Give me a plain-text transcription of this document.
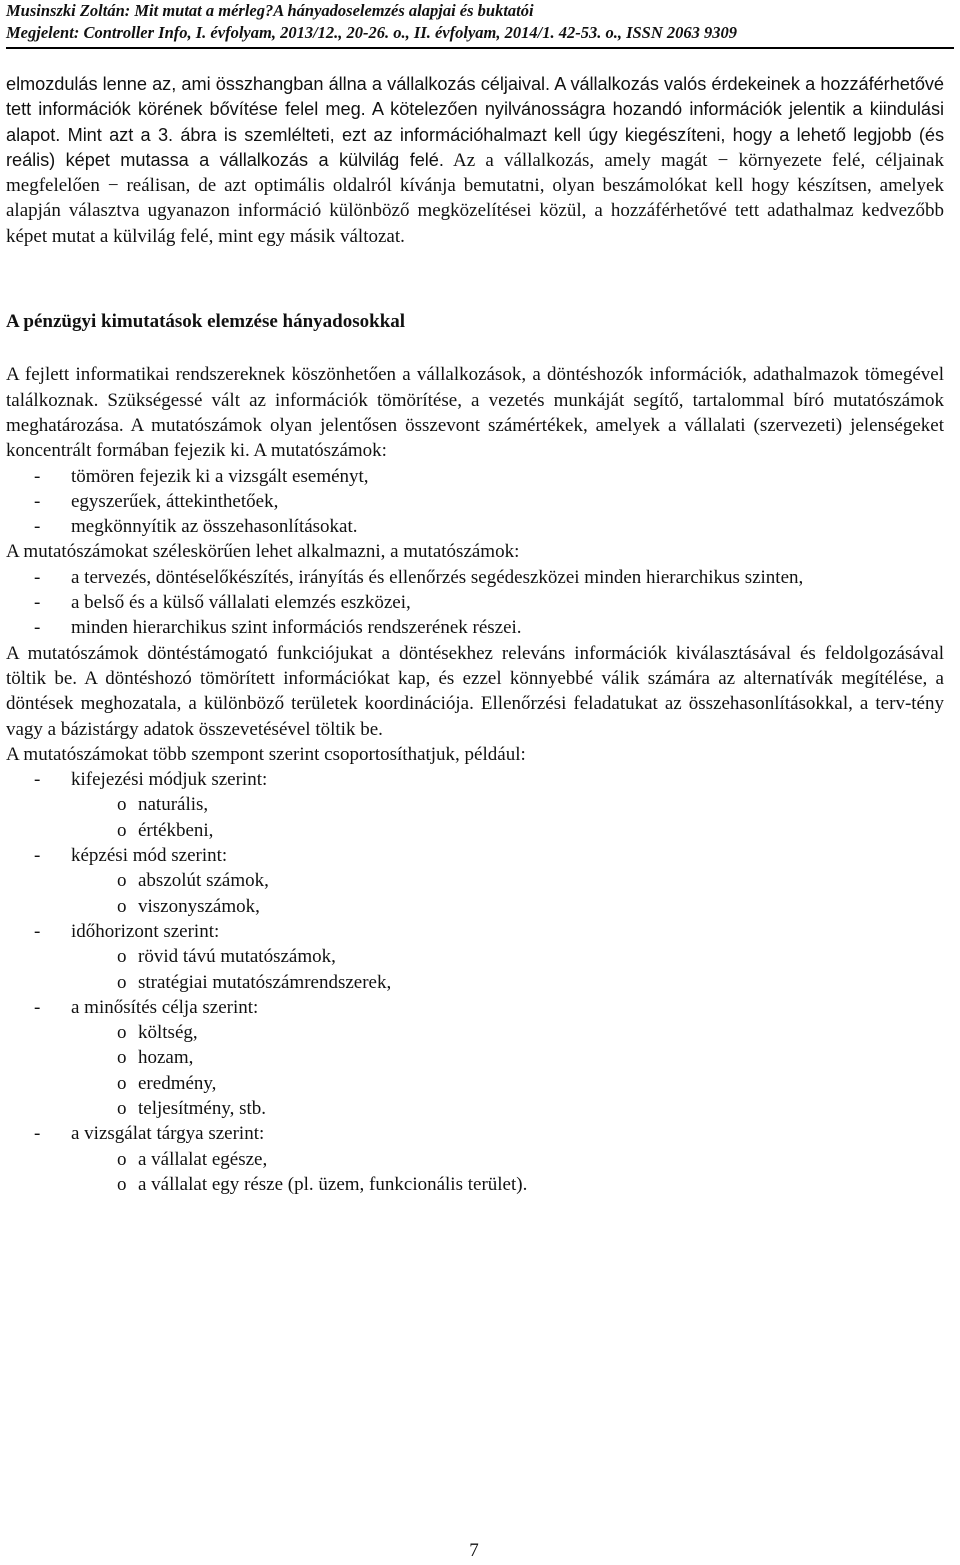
Musinszki Zoltán: Mit mutat a mérleg?A hányadoselemzés alapjai és buktatói
Megjelent: Controller Info, I. évfolyam, 2013/12., 20-26. o., II. évfolyam, 2014/1. 42-53. o., ISSN 2063 9309

elmozdulás lenne az, ami összhangban állna a vállalkozás céljaival. A vállalkozás valós érdekeinek a hozzáférhetővé tett információk körének bővítése felel meg. A kötelezően nyilvánosságra hozandó információk jelentik a kiindulási alapot. Mint azt a 3. ábra is szemlélteti, ezt az információhalmazt kell úgy kiegészíteni, hogy a lehető legjobb (és reális) képet mutassa a vállalkozás a külvilág felé. Az a vállalkozás, amely magát − környezete felé, céljainak megfelelően − reálisan, de azt optimális oldalról kívánja bemutatni, olyan beszámolókat kell hogy készítsen, amelyek alapján választva ugyanazon információ különböző megközelítései közül, a hozzáférhetővé tett adathalmaz kedvezőbb képet mutat a külvilág felé, mint egy másik változat.

A pénzügyi kimutatások elemzése hányadosokkal

A fejlett informatikai rendszereknek köszönhetően a vállalkozások, a döntéshozók információk, adathalmazok tömegével találkoznak. Szükségessé vált az információk tömörítése, a vezetés munkáját segítő, tartalommal bíró mutatószámok meghatározása. A mutatószámok olyan jelentősen összevont számértékek, amelyek a vállalati (szervezeti) jelenségeket koncentrált formában fejezik ki. A mutatószámok:

- tömören fejezik ki a vizsgált eseményt,
- egyszerűek, áttekinthetőek,
- megkönnyítik az összehasonlításokat.

A mutatószámokat széleskörűen lehet alkalmazni, a mutatószámok:

- a tervezés, döntéselőkészítés, irányítás és ellenőrzés segédeszközei minden hierarchikus szinten,
- a belső és a külső vállalati elemzés eszközei,
- minden hierarchikus szint információs rendszerének részei.

A mutatószámok döntéstámogató funkciójukat a döntésekhez releváns információk kiválasztásával és feldolgozásával töltik be. A döntéshozó tömörített információkat kap, és ezzel könnyebbé válik számára az alternatívák megítélése, a döntések meghozatala, a különböző területek koordinációja. Ellenőrzési feladatukat az összehasonlításokkal, a terv-tény vagy a bázistárgy adatok összevetésével töltik be.

A mutatószámokat több szempont szerint csoportosíthatjuk, például:

- kifejezési módjuk szerint:
o naturális,
o értékbeni,
- képzési mód szerint:
o abszolút számok,
o viszonyszámok,
- időhorizont szerint:
o rövid távú mutatószámok,
o stratégiai mutatószámrendszerek,
- a minősítés célja szerint:
o költség,
o hozam,
o eredmény,
o teljesítmény, stb.
- a vizsgálat tárgya szerint:
o a vállalat egésze,
o a vállalat egy része (pl. üzem, funkcionális terület).
7
